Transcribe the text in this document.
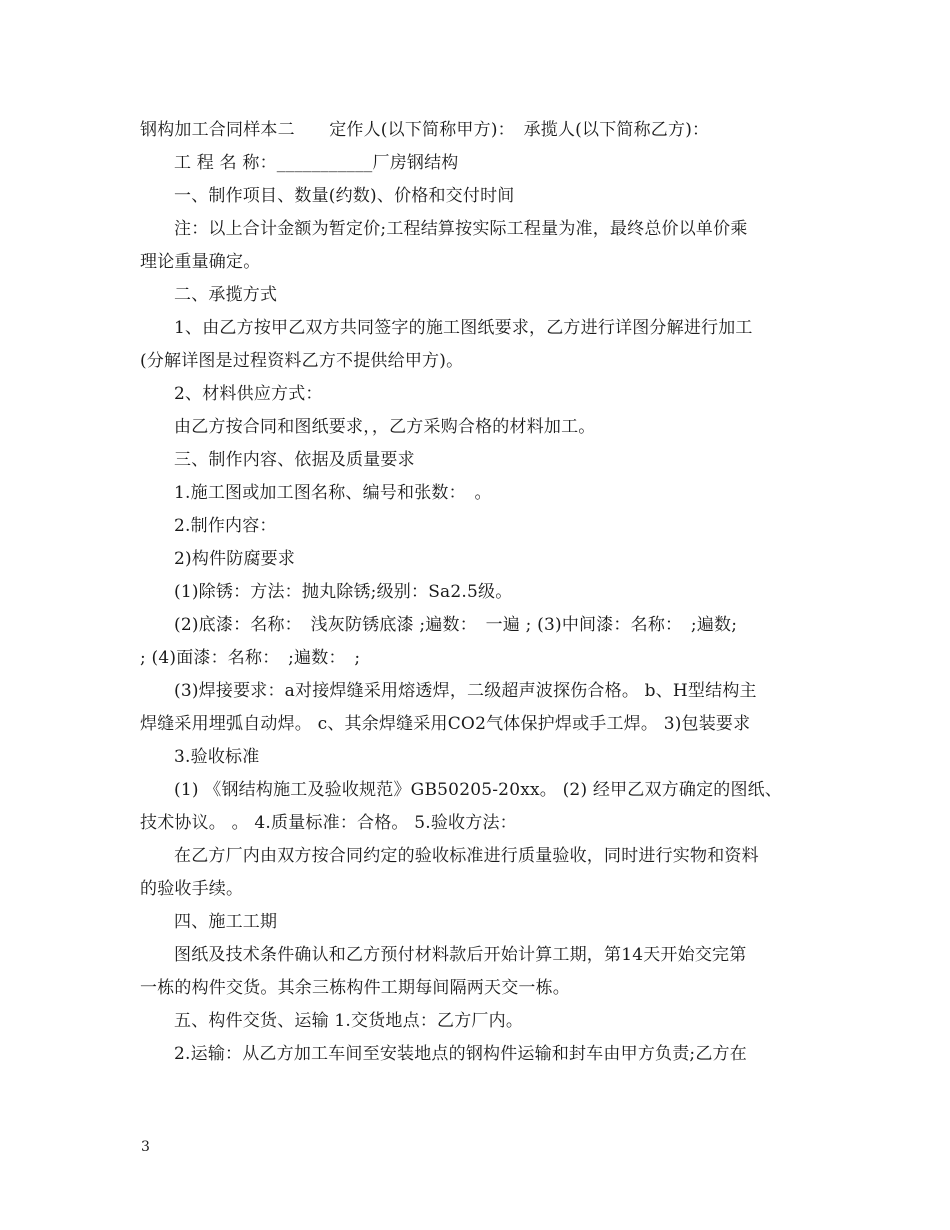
钢构加工合同样本二　　定作人(以下简称甲方)：　承揽人(以下简称乙方)：

工 程 名 称：___________厂房钢结构

一、制作项目、数量(约数)、价格和交付时间

注：以上合计金额为暂定价;工程结算按实际工程量为准，最终总价以单价乘

理论重量确定。

二、承揽方式

1、由乙方按甲乙双方共同签字的施工图纸要求，乙方进行详图分解进行加工

(分解详图是过程资料乙方不提供给甲方)。

2、材料供应方式：

由乙方按合同和图纸要求，，乙方采购合格的材料加工。

三、制作内容、依据及质量要求

1.施工图或加工图名称、编号和张数：　。

2.制作内容：

2)构件防腐要求

(1)除锈：方法：抛丸除锈;级别：Sa2.5级。

(2)底漆：名称：　浅灰防锈底漆 ;遍数：　一遍 ; (3)中间漆：名称：　;遍数;

; (4)面漆：名称：　;遍数：　;

(3)焊接要求：a对接焊缝采用熔透焊，二级超声波探伤合格。 b、H型结构主

焊缝采用埋弧自动焊。 c、其余焊缝采用CO2气体保护焊或手工焊。 3)包装要求

3.验收标准

(1) 《钢结构施工及验收规范》GB50205-20xx。 (2) 经甲乙双方确定的图纸、

技术协议。 。 4.质量标准：合格。 5.验收方法：

在乙方厂内由双方按合同约定的验收标准进行质量验收，同时进行实物和资料

的验收手续。

四、施工工期

图纸及技术条件确认和乙方预付材料款后开始计算工期，第14天开始交完第

一栋的构件交货。其余三栋构件工期每间隔两天交一栋。

五、构件交货、运输 1.交货地点：乙方厂内。

2.运输：从乙方加工车间至安装地点的钢构件运输和封车由甲方负责;乙方在

3
